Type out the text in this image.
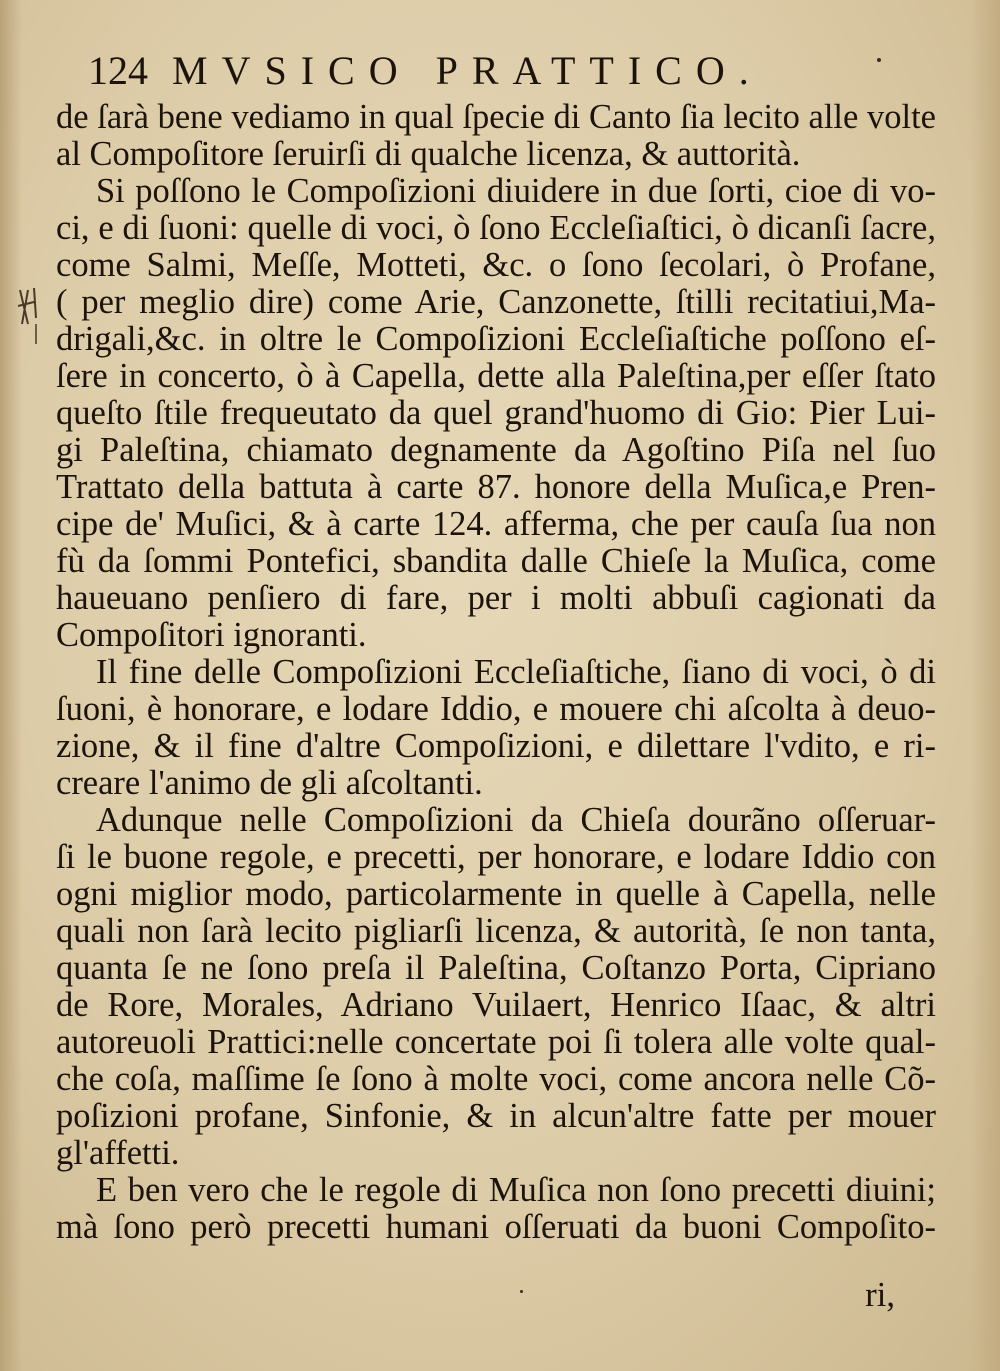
124 MVSICO PRATTICO.
de ſarà bene vediamo in qual ſpecie di Canto ſia lecito alle volte
al Compoſitore ſeruirſi di qualche licenza, & auttorità.
Si poſſono le Compoſizioni diuidere in due ſorti, cioe di vo-
ci, e di ſuoni: quelle di voci, ò ſono Eccleſiaſtici, ò dicanſi ſacre,
come Salmi, Meſſe, Motteti, &c. o ſono ſecolari, ò Profane,
( per meglio dire) come Arie, Canzonette, ſtilli recitatiui,Ma-
drigali,&c. in oltre le Compoſizioni Eccleſiaſtiche poſſono eſ-
ſere in concerto, ò à Capella, dette alla Paleſtina,per eſſer ſtato
queſto ſtile frequeutato da quel grand'huomo di Gio: Pier Lui-
gi Paleſtina, chiamato degnamente da Agoſtino Piſa nel ſuo
Trattato della battuta à carte 87. honore della Muſica,e Pren-
cipe de' Muſici, & à carte 124. afferma, che per cauſa ſua non
fù da ſommi Pontefici, sbandita dalle Chieſe la Muſica, come
haueuano penſiero di fare, per i molti abbuſi cagionati da
Compoſitori ignoranti.
Il fine delle Compoſizioni Eccleſiaſtiche, ſiano di voci, ò di
ſuoni, è honorare, e lodare Iddio, e mouere chi aſcolta à deuo-
zione, & il fine d'altre Compoſizioni, e dilettare l'vdito, e ri-
creare l'animo de gli aſcoltanti.
Adunque nelle Compoſizioni da Chieſa dourãno oſſeruar-
ſi le buone regole, e precetti, per honorare, e lodare Iddio con
ogni miglior modo, particolarmente in quelle à Capella, nelle
quali non ſarà lecito pigliarſi licenza, & autorità, ſe non tanta,
quanta ſe ne ſono preſa il Paleſtina, Coſtanzo Porta, Cipriano
de Rore, Morales, Adriano Vuilaert, Henrico Iſaac, & altri
autoreuoli Prattici:nelle concertate poi ſi tolera alle volte qual-
che coſa, maſſime ſe ſono à molte voci, come ancora nelle Cõ-
poſizioni profane, Sinfonie, & in alcun'altre fatte per mouer
gl'affetti.
E ben vero che le regole di Muſica non ſono precetti diuini;
mà ſono però precetti humani oſſeruati da buoni Compoſito-
ri,
